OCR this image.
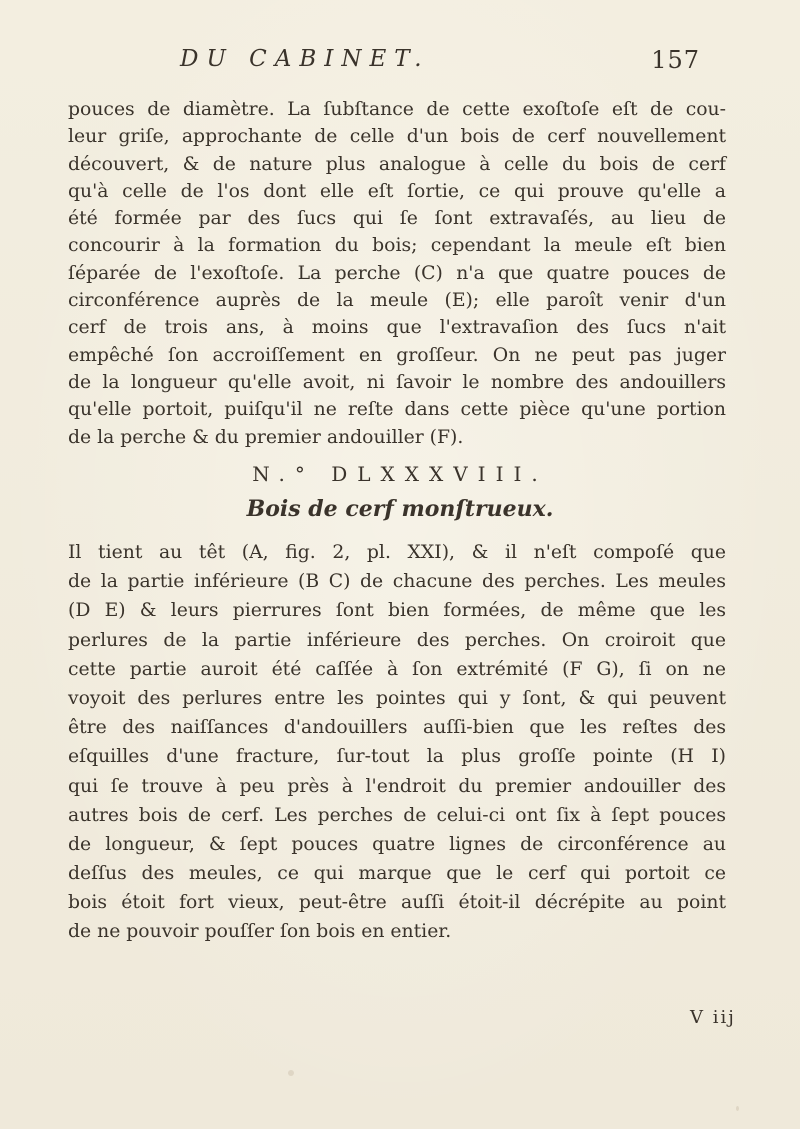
DU CABINET.	157
pouces de diamètre. La ſubſtance de cette exoſtoſe eſt de cou-
leur griſe, approchante de celle d'un bois de cerf nouvellement
découvert, & de nature plus analogue à celle du bois de cerf
qu'à celle de l'os dont elle eſt ſortie, ce qui prouve qu'elle a
été formée par des ſucs qui ſe ſont extravaſés, au lieu de
concourir à la formation du bois; cependant la meule eſt bien
ſéparée de l'exoſtoſe. La perche (C) n'a que quatre pouces de
circonférence auprès de la meule (E); elle paroît venir d'un
cerf de trois ans, à moins que l'extravaſion des ſucs n'ait
empêché ſon accroiſſement en groſſeur. On ne peut pas juger
de la longueur qu'elle avoit, ni ſavoir le nombre des andouillers
qu'elle portoit, puiſqu'il ne reſte dans cette pièce qu'une portion
de la perche & du premier andouiller (F).
N.° DLXXXVIII.
Bois de cerf monſtrueux.
Il tient au têt (A, fig. 2, pl. XXI), & il n'eſt compoſé que
de la partie inférieure (B C) de chacune des perches. Les meules
(D E) & leurs pierrures ſont bien formées, de même que les
perlures de la partie inférieure des perches. On croiroit que
cette partie auroit été caſſée à ſon extrémité (F G), ſi on ne
voyoit des perlures entre les pointes qui y ſont, & qui peuvent
être des naiſſances d'andouillers auſſi-bien que les reſtes des
eſquilles d'une fracture, ſur-tout la plus groſſe pointe (H I)
qui ſe trouve à peu près à l'endroit du premier andouiller des
autres bois de cerf. Les perches de celui-ci ont ſix à ſept pouces
de longueur, & ſept pouces quatre lignes de circonférence au
deſſus des meules, ce qui marque que le cerf qui portoit ce
bois étoit fort vieux, peut-être auſſi étoit-il décrépite au point
de ne pouvoir pouſſer ſon bois en entier.
V iij
